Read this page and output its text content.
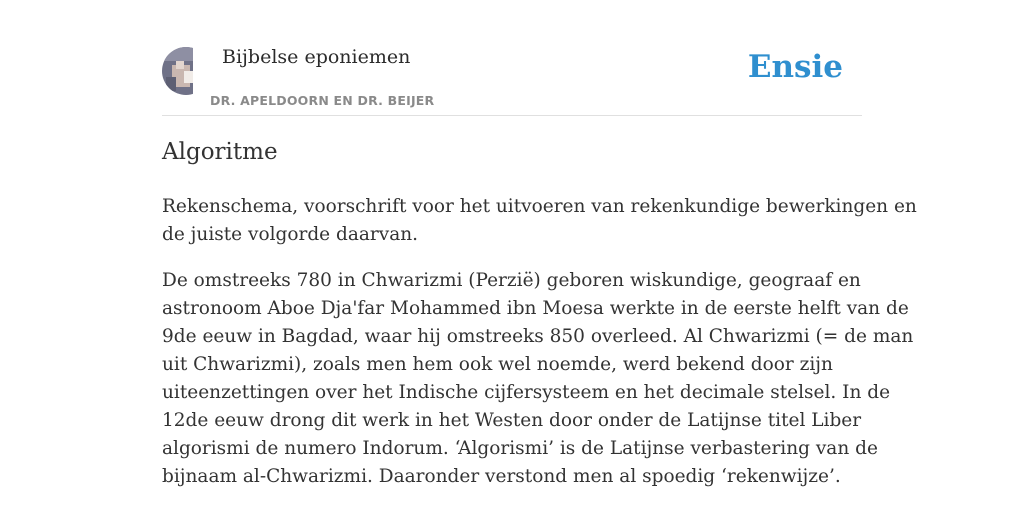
Bijbelse eponiemen
DR. APELDOORN EN DR. BEIJER
Ensie
Algoritme

Rekenschema, voorschrift voor het uitvoeren van rekenkundige bewerkingen en
de juiste volgorde daarvan.

De omstreeks 780 in Chwarizmi (Perzië) geboren wiskundige, geograaf en
astronoom Aboe Dja'far Mohammed ibn Moesa werkte in de eerste helft van de
9de eeuw in Bagdad, waar hij omstreeks 850 overleed. Al Chwarizmi (= de man
uit Chwarizmi), zoals men hem ook wel noemde, werd bekend door zijn
uiteenzettingen over het Indische cijfersysteem en het decimale stelsel. In de
12de eeuw drong dit werk in het Westen door onder de Latijnse titel Liber
algorismi de numero Indorum. ‘Algorismi’ is de Latijnse verbastering van de
bijnaam al-Chwarizmi. Daaronder verstond men al spoedig ‘rekenwijze’.
